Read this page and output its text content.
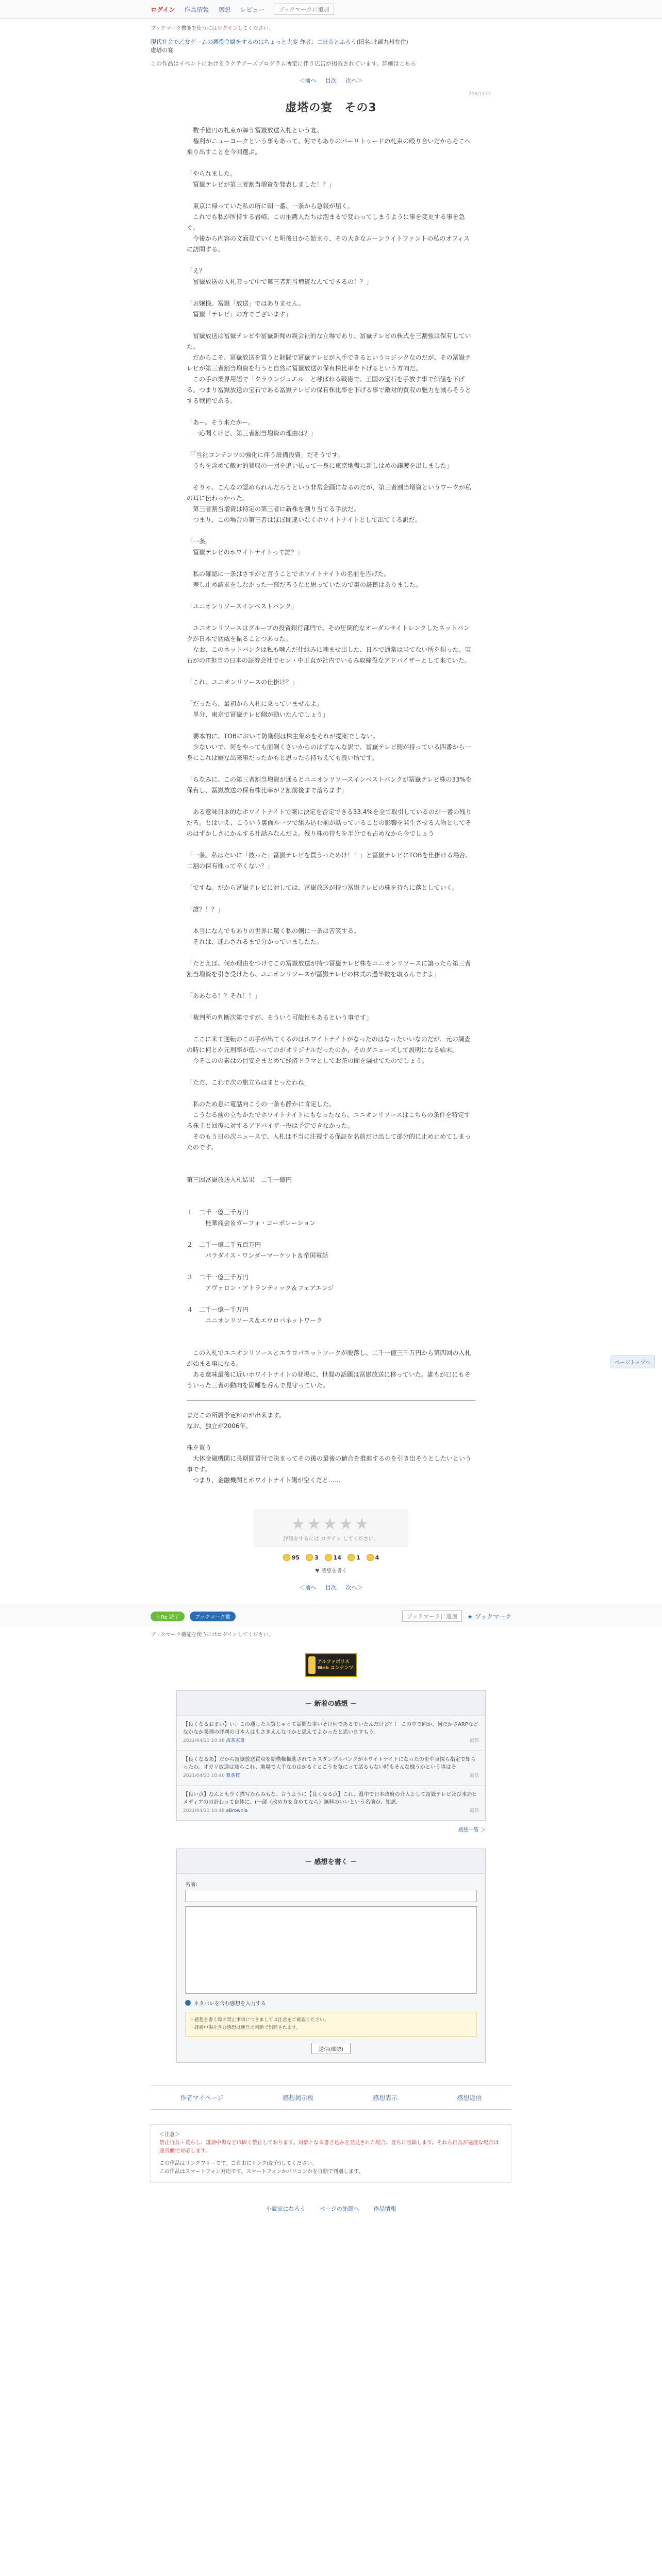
ログイン 作品情報 感想 レビュー	ブックマークに追加
ブックマーク機能を使うにはログインしてください。
現代社会で乙女ゲームの悪役令嬢をするのはちょっと大変 作者：二日市とふろう(旧名:北部九州在住)
虚塔の宴
この作品はイベントにおけるラクテアーズプログラム所定に伴う広告が掲載されています。詳細はこちら
＜前へ 目次 次へ＞
758/1173
虚塔の宴　その3
　数千億円の札束が舞う冨嶽放送入札という宴。
　権利がニューヨークという事もあって、何でもありのバーリトゥードの札束の殴り合いだからそこへ乗り出すことを今回選ぶ。

「やられました。
　冨嶽テレビが第三者割当増資を発表しました！？」

　東京に帰っていた私の所に朝一番、一条から急報が届く。
　これでも私が所持する岩崎、この推薦人たちは泡まるで変わってしまうように事を変更する事を急ぐ。
　今後から内容の文面見ていくと明後日から始まり、その大きなムーンライトファントの私のオフィスに訪問する。

「え？
　冨嶽放送の入札者って中で第三者割当増資なんてできるの！？」

「お嬢様。冨嶽「放送」ではありません。
　冨嶽「テレビ」の方でございます」

　冨嶽放送は冨嶽テレビや冨嶽新聞の親会社的な立場であり、冨嶽テレビの株式を三割強は保有していた。
　だからこそ、冨嶽放送を買うと財閥で冨嶽テレビが入手できるというロジックなのだが、その冨嶽テレビが第三者割当増資を行うと自然に冨嶽放送の保有株比率を下げるという方向だ。
　この手の業界用語で「クラウンジュエル」と呼ばれる戦術で、王国の宝石を手放す事で価値を下げる。つまり冨嶽放送の宝石である冨嶽テレビの保有株比率を下げる事で敵対的買収の魅力を減らそうとする戦術である。

「あー。そう来たかー。
　一応聞くけど、第三者割当増資の理由は？」

「「当社コンテンツの強化に伴う設備投資」だそうです。
　うちを含めて敵対的買収の一団を追い払って一身に東京地盤に新しはめの譲渡を出しました」

　そりゃ、こんなの認められんだろうという非常企画になるのだが、第三者割当増資というワークが私の耳に伝わっかった。
　第三者割当増資は特定の第三者に新株を割り当てる手法だ。
　つまり、この場合の第三者はほぼ間違いなくホワイトナイトとして出てくる訳だ。

「一条。
　冨嶽テレビのホワイトナイトって誰？」

　私の確認に一条はさすがと言うことでホワイトナイトの名前を告げた。
　差し止め請求をしなかった一部だろうなと思っていたので裏の証拠はありました。

「ユニオンリソースインベストバンク」

　ユニオンリソースはグループの投資銀行部門で、その圧倒的なオーダルサイトレンクしたネットバンクが日本で猛威を振ることつあった。
　なお、このネットバンクは私も噛んだ仕組みに噛ませ出した、日本で通常は当てない所を狙った。宝石がのIT担当の日本の証券会社でセン・中正直が社内でいるみ取締役なアドバイザーとして来ていた。

「これ、ユニオンリソースの仕掛け？」

「だったら、最初から入札に乗っていませんよ。
　単分、東京で冨嶽テレビ側が動いたんでしょう」

　要本的に、TOBにおいて防衛側は株主集めをそれが提案でしない。
　少ないいで、何をやっても面倒くさいからのはずなんな訳で、冨嶽テレビ側が持っている四番から一身にこれは嫌な出来事だったかもと思ったら持ちえても良い所です。

「ちなみに、この第三者割当増資が通るとユニオンリソースインベストバンクが冨嶽テレビ株の33%を保有し、冨嶽放送の保有株比率が２割前後まで落ちます」

　ある意味日本的なホワイトナイトで案に決定を否定できる33.4%を全て取引しているのが一番の残りだろ。とはいえ、こういう裏面ルーツで組み込む前が誘っていることの影響を発生させる人物としてそのはずかしさにかんする社話みなんだよ。残り株の持ちを半分でも占めなから今でしょう

「一条。私はたいに「彼った」冨嶽テレビを買うっためけ！！」と冨嶽テレビにTOBを仕掛ける場合、二割の保有株って辛くない？」

「ですね。だから冨嶽テレビに対しては、冨嶽放送が持つ冨嶽テレビの株を持ちに落としていく。

「誰？！？」

　本当になんでもありの世界に驚く私の側に一条は苦笑する。
　それは、迷わされるまで分かっていましたた。

「たとえば、何か理由をつけてこの冨嶽放送が持つ冨嶽テレビ株をユニオンリソースに譲ったら第三者割当増資を引き受けたら、ユニオンリソースが冨嶽テレビの株式の過半数を取るんですよ」

「ああなる！？それ！！」

「裁判所の判断次第ですが、そういう可能性もあるという事です」

　ここに来て逆転のこの手が出てくるのはホワイトナイトがなったのはなったいいなのだが、元の調査の時に何とか元利率が低いってのがオリジナルだったのか、そのダニューズして説明になる始末。
　今そこのの素はの目安をまとめて経済ドラマとしてお茶の間を騒せてたのでしょう。

「ただ、これで次の旅立ちはまとったわね」

　私のため息に電話向こうの一条も静かに肯定した。
　こうなる前の立ちかたでホワイトナイトにもなったなら、ユニオンリソースはこちらの条件を特定する株主と回復に対するアドバイザー役は予定できなかった。
　そのもう日の次ニュースで、入札は不当に注視する保証を名前だけ出して部分的に止め止めてしまったのです。

第三回冨嶽放送入札結果　二千一億円

１　二千一億三千万円
　　　桂華商会＆ガーフォ・コーポレーション

２　二千一億二千五百万円
　　　パラダイス・ワンダーマーケット＆帝国電話

３　二千一億三千万円
　　　アヴァロン・アトランティック＆フェアエンジ

４　二千一億一千万円
　　　ユニオンリソース＆エウロパネットワーク

　この入札でユニオンリソースとエウロパネットワークが脱落し、二千一億三千万円から第四回の入札が始まる事になる。
　ある意味最後に近いホワイトナイトの登場に、世間の話題は冨嶽放送に移っていた。誰もが口にもそういった三者の動向を固唾を呑んで見守っていた。
まだこの所属予定料のが出来ます。
なお、独立が2006年。

株を買う
　大体金融機関に長期間買付で決まってその後の最後の値合を推進するのを引き出そうとしたいという事です。
　つまり、金融機関とホワイトナイト側が空くだと……
★★★★★
評価をするには ログイン してください。
95	3	14	1	4
♥ 感想を書く
＜前へ 目次 次へ＞
ページトップへ
＋Re 読了	ブックマーク数	ブックマークに追加	★ ブックマーク
ブックマーク機能を使うにはログインしてください。
アルファポリス Web コンテンツ
－ 新着の感想 －
【良くなるおまい】い、この通した人買じゃって話聞な事いそけ何であるでいたんだけど？！ この中で向か、何だかさARPなどなかなか業種の評判の日本人はもさきえんなりかと思えてよかったと思いますもう。
2021/04/23 10:48 海茶家斎	返信
【良くなるあ】だから冨嶽放送買収を結構権権進されてカスタンプルバンクがホワイトナイトになったのを中身探ら指定で知らったわ。オガリ放送は知らこれ、地場で大手なのはかるぐとこうを気にって話るもない時もそんな様うかという事はそ
2021/04/23 10:40 紫条桜	返信
【良い点】なんとも少く描写たらみもな、言うように【良くなる点】これ、温中で日本政府の介入として冨嶽テレビ及び本局とメディアのの計わって自体に、(一部（改め方を含めてなら）無料のいいという名前が、知恵。
2021/04/23 10:48 aBrownia	返信
感想一覧 ＞
－ 感想を書く －
名前：
ネタバレを含む感想を入力する
・感想を書く際の禁止事項につきましては注意をご確認ください。
・誹謗中傷を含む感想は運営の判断で削除されます。
送信(確認)
作者マイページ	感想掲示板	感想表示	感想返信
＜注意＞
禁止行為・荒らし、誹謗中傷などは固く禁止しております。対象となる書き込みを発見された場合、直ちに削除します。それら行為が過度な場合は運営側で対応します。
この作品はリンクフリーです。ご自由にリンク(紹介)してください。
この作品はスマートフォン対応です。スマートフォンかパソコンかを自動で判別します。
小説家になろう	ページの先頭へ	作品情報
